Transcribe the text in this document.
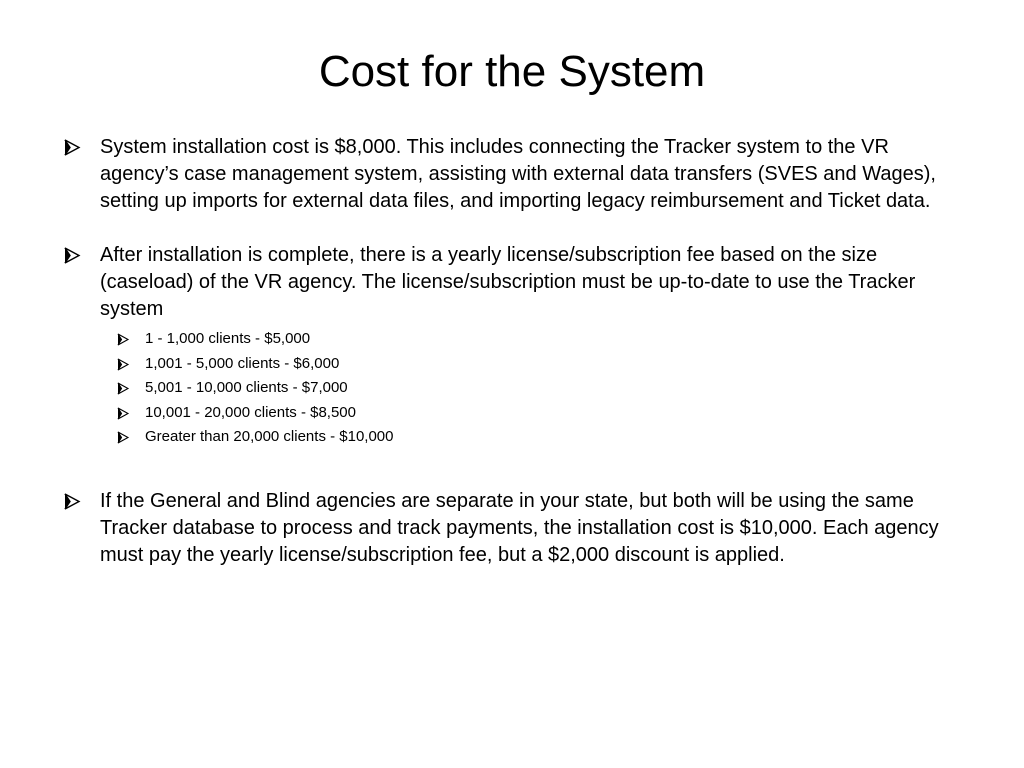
Cost for the System
System installation cost is $8,000. This includes connecting the Tracker system to the VR agency’s case management system, assisting with external data transfers (SVES and Wages), setting up imports for external data files, and importing legacy reimbursement and Ticket data.
After installation is complete, there is a yearly license/subscription fee based on the size (caseload) of the VR agency. The license/subscription must be up-to-date to use the Tracker system
1 - 1,000 clients - $5,000
1,001 - 5,000 clients - $6,000
5,001 - 10,000 clients - $7,000
10,001 - 20,000 clients - $8,500
Greater than 20,000 clients - $10,000
If the General and Blind agencies are separate in your state, but both will be using the same Tracker database to process and track payments, the installation cost is $10,000. Each agency must pay the yearly license/subscription fee, but a $2,000 discount is applied.
